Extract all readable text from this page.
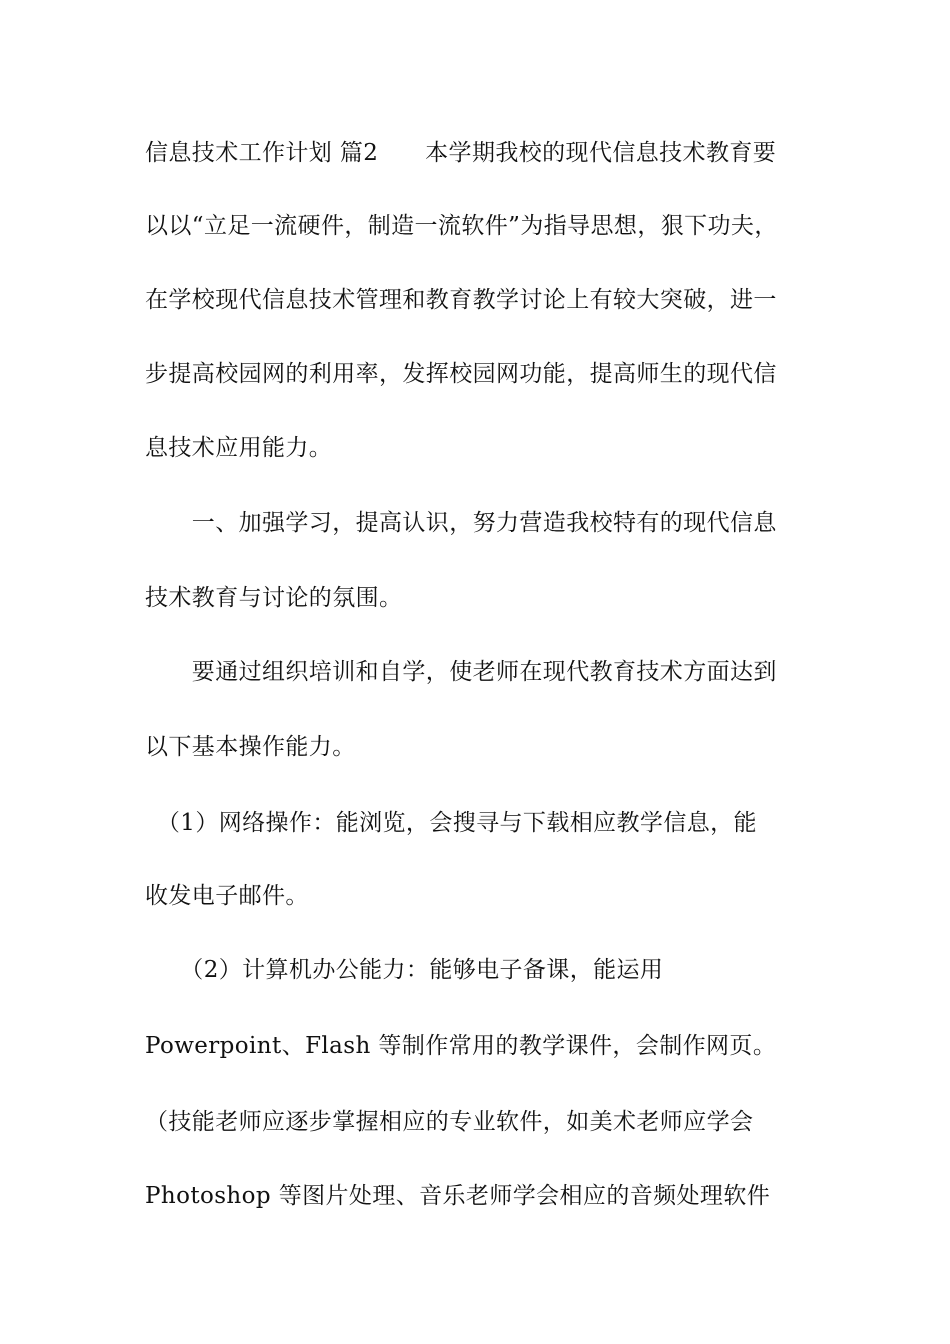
信息技术工作计划 篇2　　本学期我校的现代信息技术教育要
以以“立足一流硬件，制造一流软件”为指导思想，狠下功夫，
在学校现代信息技术管理和教育教学讨论上有较大突破，进一
步提高校园网的利用率，发挥校园网功能，提高师生的现代信
息技术应用能力。
　　一、加强学习，提高认识，努力营造我校特有的现代信息
技术教育与讨论的氛围。
　　要通过组织培训和自学，使老师在现代教育技术方面达到
以下基本操作能力。
　（1）网络操作：能浏览，会搜寻与下载相应教学信息，能
收发电子邮件。
　　（2）计算机办公能力：能够电子备课，能运用
Powerpoint、Flash 等制作常用的教学课件，会制作网页。
（技能老师应逐步掌握相应的专业软件，如美术老师应学会
Photoshop 等图片处理、音乐老师学会相应的音频处理软件
